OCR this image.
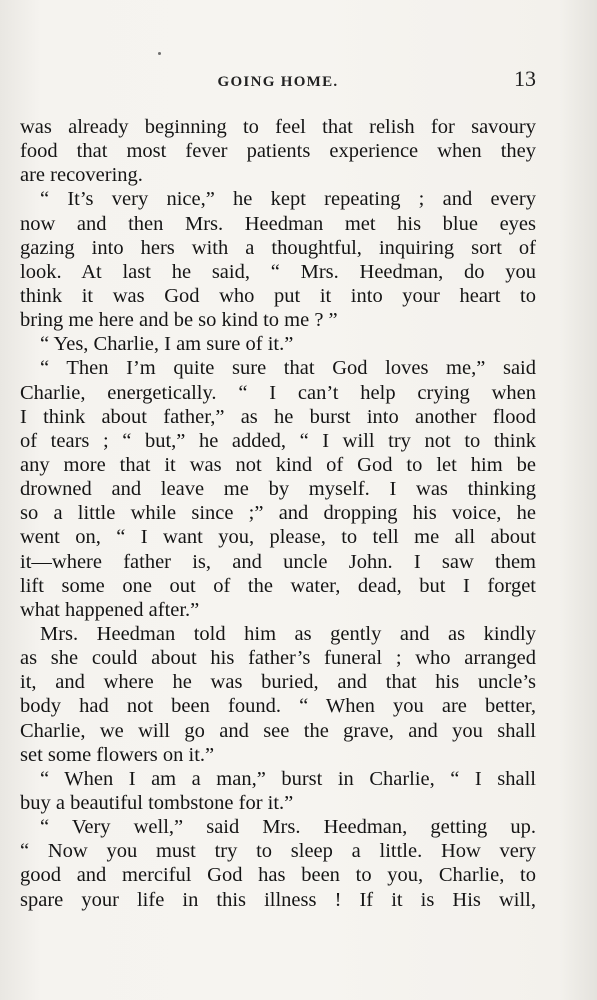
GOING HOME.	13
was already beginning to feel that relish for savoury
food that most fever patients experience when they
are recovering.
“ It’s very nice,” he kept repeating ; and every
now and then Mrs. Heedman met his blue eyes
gazing into hers with a thoughtful, inquiring sort of
look. At last he said, “ Mrs. Heedman, do you
think it was God who put it into your heart to
bring me here and be so kind to me ? ”
“ Yes, Charlie, I am sure of it.”
“ Then I’m quite sure that God loves me,” said
Charlie, energetically. “ I can’t help crying when
I think about father,” as he burst into another flood
of tears ; “ but,” he added, “ I will try not to think
any more that it was not kind of God to let him be
drowned and leave me by myself. I was thinking
so a little while since ;” and dropping his voice, he
went on, “ I want you, please, to tell me all about
it—where father is, and uncle John. I saw them
lift some one out of the water, dead, but I forget
what happened after.”
Mrs. Heedman told him as gently and as kindly
as she could about his father’s funeral ; who arranged
it, and where he was buried, and that his uncle’s
body had not been found. “ When you are better,
Charlie, we will go and see the grave, and you shall
set some flowers on it.”
“ When I am a man,” burst in Charlie, “ I shall
buy a beautiful tombstone for it.”
“ Very well,” said Mrs. Heedman, getting up.
“ Now you must try to sleep a little. How very
good and merciful God has been to you, Charlie, to
spare your life in this illness ! If it is His will,
